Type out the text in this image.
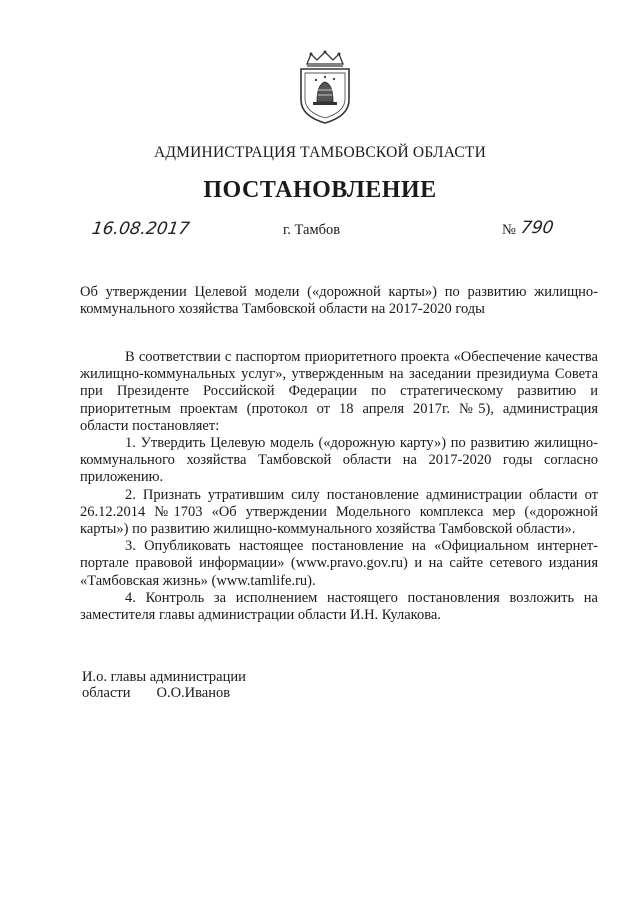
АДМИНИСТРАЦИЯ ТАМБОВСКОЙ ОБЛАСТИ
ПОСТАНОВЛЕНИЕ
16.08.2017	г. Тамбов	№ 790
Об утверждении Целевой модели («дорожной карты») по развитию жилищно-коммунального хозяйства Тамбовской области на 2017-2020 годы

В соответствии с паспортом приоритетного проекта «Обеспечение качества жилищно-коммунальных услуг», утвержденным на заседании президиума Совета при Президенте Российской Федерации по стратегическому развитию и приоритетным проектам (протокол от 18 апреля 2017г. №5), администрация области постановляет:

1. Утвердить Целевую модель («дорожную карту») по развитию жилищно-коммунального хозяйства Тамбовской области на 2017-2020 годы согласно приложению.

2. Признать утратившим силу постановление администрации области от 26.12.2014 №1703 «Об утверждении Модельного комплекса мер («дорожной карты») по развитию жилищно-коммунального хозяйства Тамбовской области».

3. Опубликовать настоящее постановление на «Официальном интернет-портале правовой информации» (www.pravo.gov.ru) и на сайте сетевого издания «Тамбовская жизнь» (www.tamlife.ru).

4. Контроль за исполнением настоящего постановления возложить на заместителя главы администрации области И.Н. Кулакова.

И.о. главы администрации
области О.О.Иванов
